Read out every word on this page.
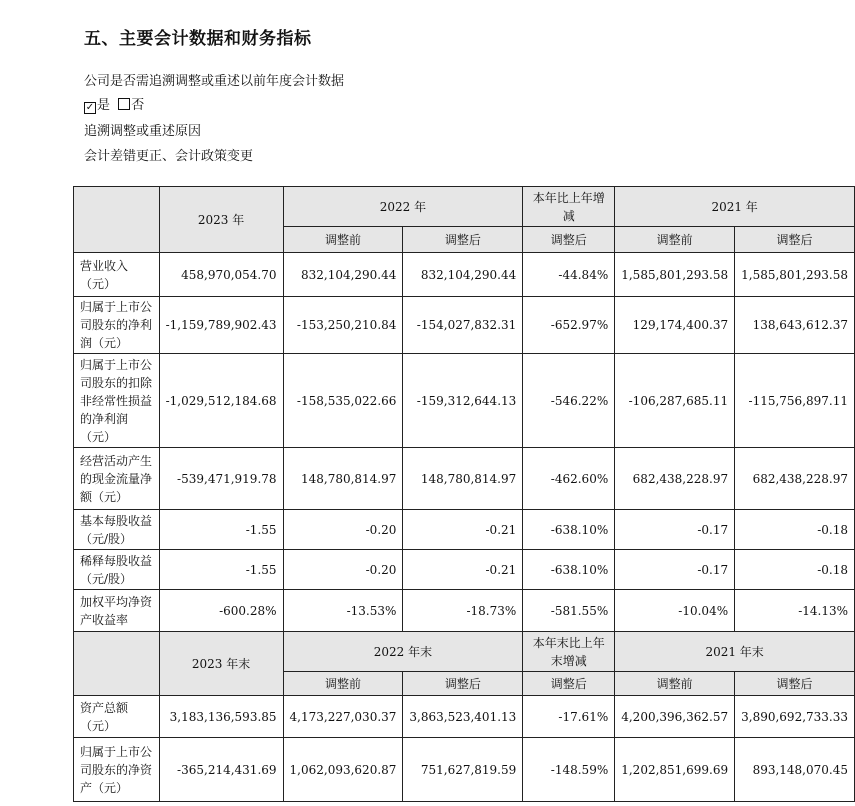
五、主要会计数据和财务指标
公司是否需追溯调整或重述以前年度会计数据
✓ 是 否
追溯调整或重述原因
会计差错更正、会计政策变更
	2023 年	2022 年		本年比上年增减	2021 年	
		调整前	调整后	调整后	调整前	调整后
营业收入（元）	458,970,054.70	832,104,290.44	832,104,290.44	-44.84%	1,585,801,293.58	1,585,801,293.58
归属于上市公司股东的净利润（元）	-1,159,789,902.43	-153,250,210.84	-154,027,832.31	-652.97%	129,174,400.37	138,643,612.37
归属于上市公司股东的扣除非经常性损益的净利润（元）	-1,029,512,184.68	-158,535,022.66	-159,312,644.13	-546.22%	-106,287,685.11	-115,756,897.11
经营活动产生的现金流量净额（元）	-539,471,919.78	148,780,814.97	148,780,814.97	-462.60%	682,438,228.97	682,438,228.97
基本每股收益（元/股）	-1.55	-0.20	-0.21	-638.10%	-0.17	-0.18
稀释每股收益（元/股）	-1.55	-0.20	-0.21	-638.10%	-0.17	-0.18
加权平均净资产收益率	-600.28%	-13.53%	-18.73%	-581.55%	-10.04%	-14.13%
	2023 年末	2022 年末		本年末比上年末增减	2021 年末	
		调整前	调整后	调整后	调整前	调整后
资产总额（元）	3,183,136,593.85	4,173,227,030.37	3,863,523,401.13	-17.61%	4,200,396,362.57	3,890,692,733.33
归属于上市公司股东的净资产（元）	-365,214,431.69	1,062,093,620.87	751,627,819.59	-148.59%	1,202,851,699.69	893,148,070.45
